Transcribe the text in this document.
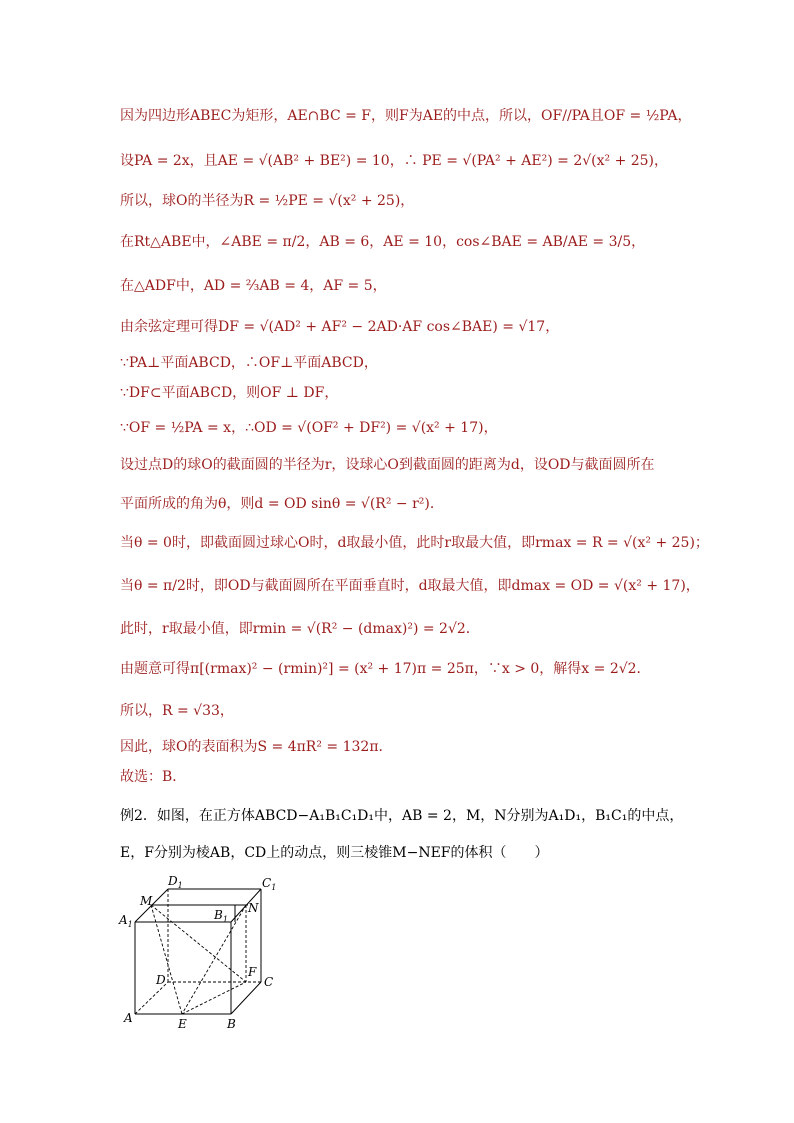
因为四边形ABEC为矩形，AE∩BC = F，则F为AE的中点，所以，OF//PA且OF = ½PA，
设PA = 2x，且AE = √(AB² + BE²) = 10，∴ PE = √(PA² + AE²) = 2√(x² + 25)，
所以，球O的半径为R = ½PE = √(x² + 25)，
在Rt△ABE中，∠ABE = π/2，AB = 6，AE = 10，cos∠BAE = AB/AE = 3/5，
在△ADF中，AD = ⅔AB = 4，AF = 5，
由余弦定理可得DF = √(AD² + AF² − 2AD·AF cos∠BAE) = √17，
∵PA⊥平面ABCD，∴OF⊥平面ABCD，
∵DF⊂平面ABCD，则OF ⊥ DF，
∵OF = ½PA = x，∴OD = √(OF² + DF²) = √(x² + 17)，
设过点D的球O的截面圆的半径为r，设球心O到截面圆的距离为d，设OD与截面圆所在
平面所成的角为θ，则d = OD sinθ = √(R² − r²)．
当θ = 0时，即截面圆过球心O时，d取最小值，此时r取最大值，即rmax = R = √(x² + 25)；
当θ = π/2时，即OD与截面圆所在平面垂直时，d取最大值，即dmax = OD = √(x² + 17)，
此时，r取最小值，即rmin = √(R² − (dmax)²) = 2√2．
由题意可得π[(rmax)² − (rmin)²] = (x² + 17)π = 25π，∵x > 0，解得x = 2√2．
所以，R = √33，
因此，球O的表面积为S = 4πR² = 132π．
故选：B．
例2．如图，在正方体ABCD−A₁B₁C₁D₁中，AB = 2，M，N分别为A₁D₁，B₁C₁的中点，
E，F分别为棱AB，CD上的动点，则三棱锥M−NEF的体积（　　）
$D_1$	$C_1$
M	N
$A_1$
$B_1$
D
F
C
A	E	B
